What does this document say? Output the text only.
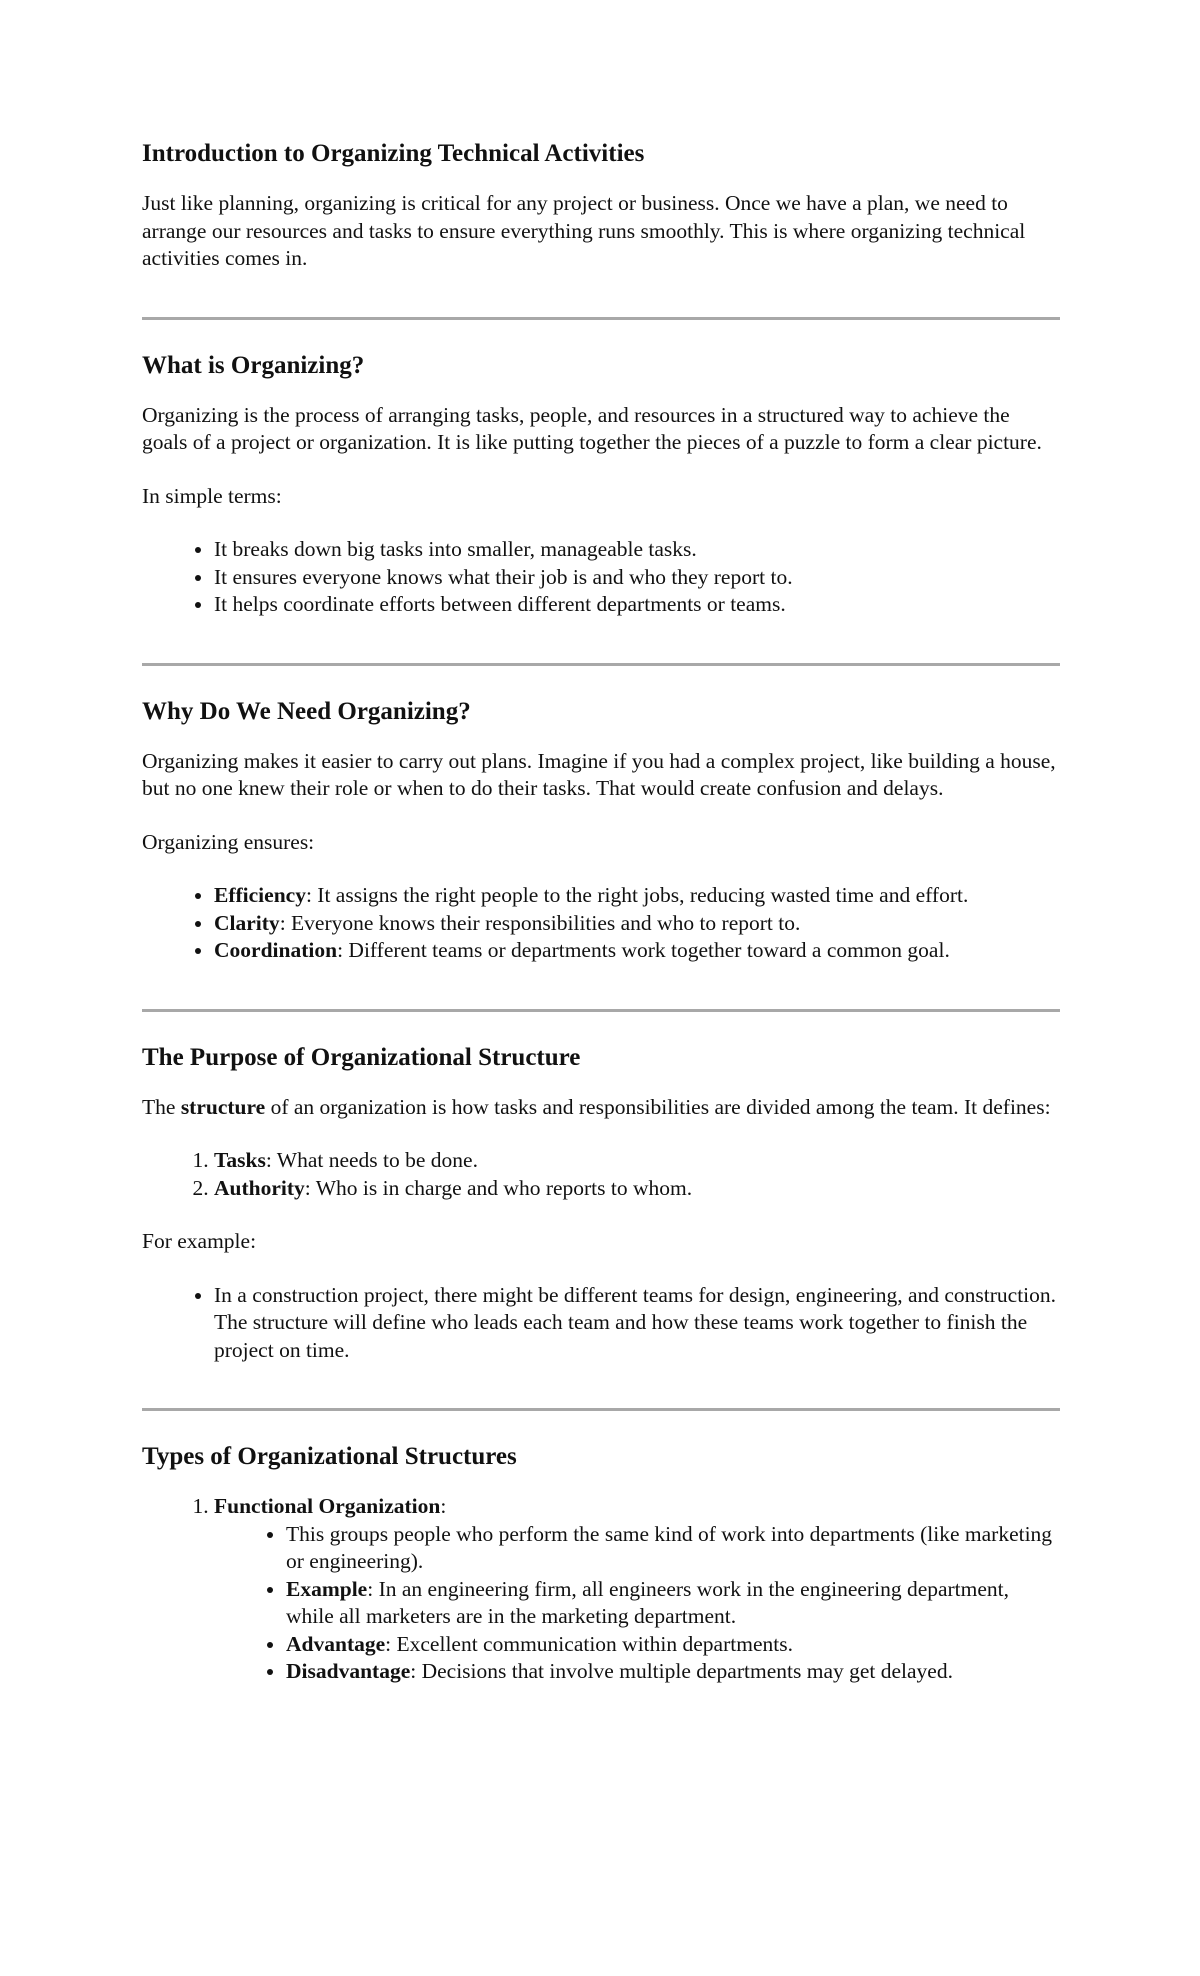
Introduction to Organizing Technical Activities

Just like planning, organizing is critical for any project or business. Once we have a plan, we need to arrange our resources and tasks to ensure everything runs smoothly. This is where organizing technical activities comes in.

What is Organizing?

Organizing is the process of arranging tasks, people, and resources in a structured way to achieve the goals of a project or organization. It is like putting together the pieces of a puzzle to form a clear picture.

In simple terms:

• It breaks down big tasks into smaller, manageable tasks.
• It ensures everyone knows what their job is and who they report to.
• It helps coordinate efforts between different departments or teams.
Why Do We Need Organizing?

Organizing makes it easier to carry out plans. Imagine if you had a complex project, like building a house, but no one knew their role or when to do their tasks. That would create confusion and delays.

Organizing ensures:

• Efficiency: It assigns the right people to the right jobs, reducing wasted time and effort.
• Clarity: Everyone knows their responsibilities and who to report to.
• Coordination: Different teams or departments work together toward a common goal.
The Purpose of Organizational Structure

The structure of an organization is how tasks and responsibilities are divided among the team. It defines:

1. Tasks: What needs to be done.
2. Authority: Who is in charge and who reports to whom.

For example:

• In a construction project, there might be different teams for design, engineering, and construction. The structure will define who leads each team and how these teams work together to finish the project on time.
Types of Organizational Structures
1. Functional Organization:
• This groups people who perform the same kind of work into departments (like marketing or engineering).
• Example: In an engineering firm, all engineers work in the engineering department, while all marketers are in the marketing department.
• Advantage: Excellent communication within departments.
• Disadvantage: Decisions that involve multiple departments may get delayed.
